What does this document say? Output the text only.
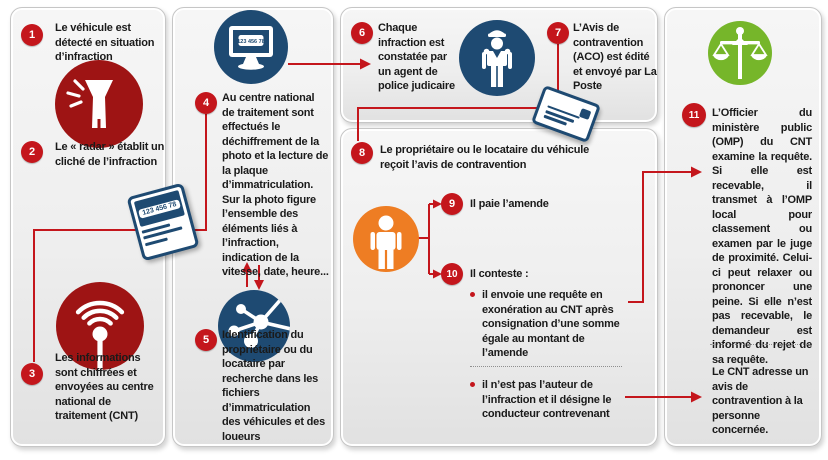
1
2
3
4
5
6	7
8
9
10
11
Le véhicule est détecté en situation d’infraction
Le « radar » établit un cliché de l’infraction
Les informations sont chiffrées et envoyées au centre national de traitement (CNT)
Au centre national de traitement sont effectués le déchiffrement de la photo et la lecture de la plaque d’immatriculation. Sur la photo figure l’ensemble des éléments liés à l’infraction, indication de la vitesse, date, heure...
Identification du propriétaire ou du locataire par recherche dans les fichiers d’immatriculation des véhicules et des loueurs
Chaque infraction est constatée par un agent de police judicaire
L’Avis de contravention (ACO) est édité et envoyé par La Poste
Le propriétaire ou le locataire du véhicule reçoit l’avis de contravention
Il paie l’amende
Il conteste :
L’Officier du ministère public (OMP) du CNT examine la requête. Si elle est recevable, il transmet à l’OMP local pour classement ou examen par le juge de proximité. Celui-ci peut relaxer ou prononcer une peine. Si elle n’est pas recevable, le demandeur est informé du rejet de sa requête.
il envoie une requête en exonération au CNT après consignation d’une somme égale au montant de l’amende
il n’est pas l’auteur de l’infraction et il désigne le conducteur contrevenant
Le CNT adresse un avis de contravention à la personne concernée.
123 456 78
123 456 78
